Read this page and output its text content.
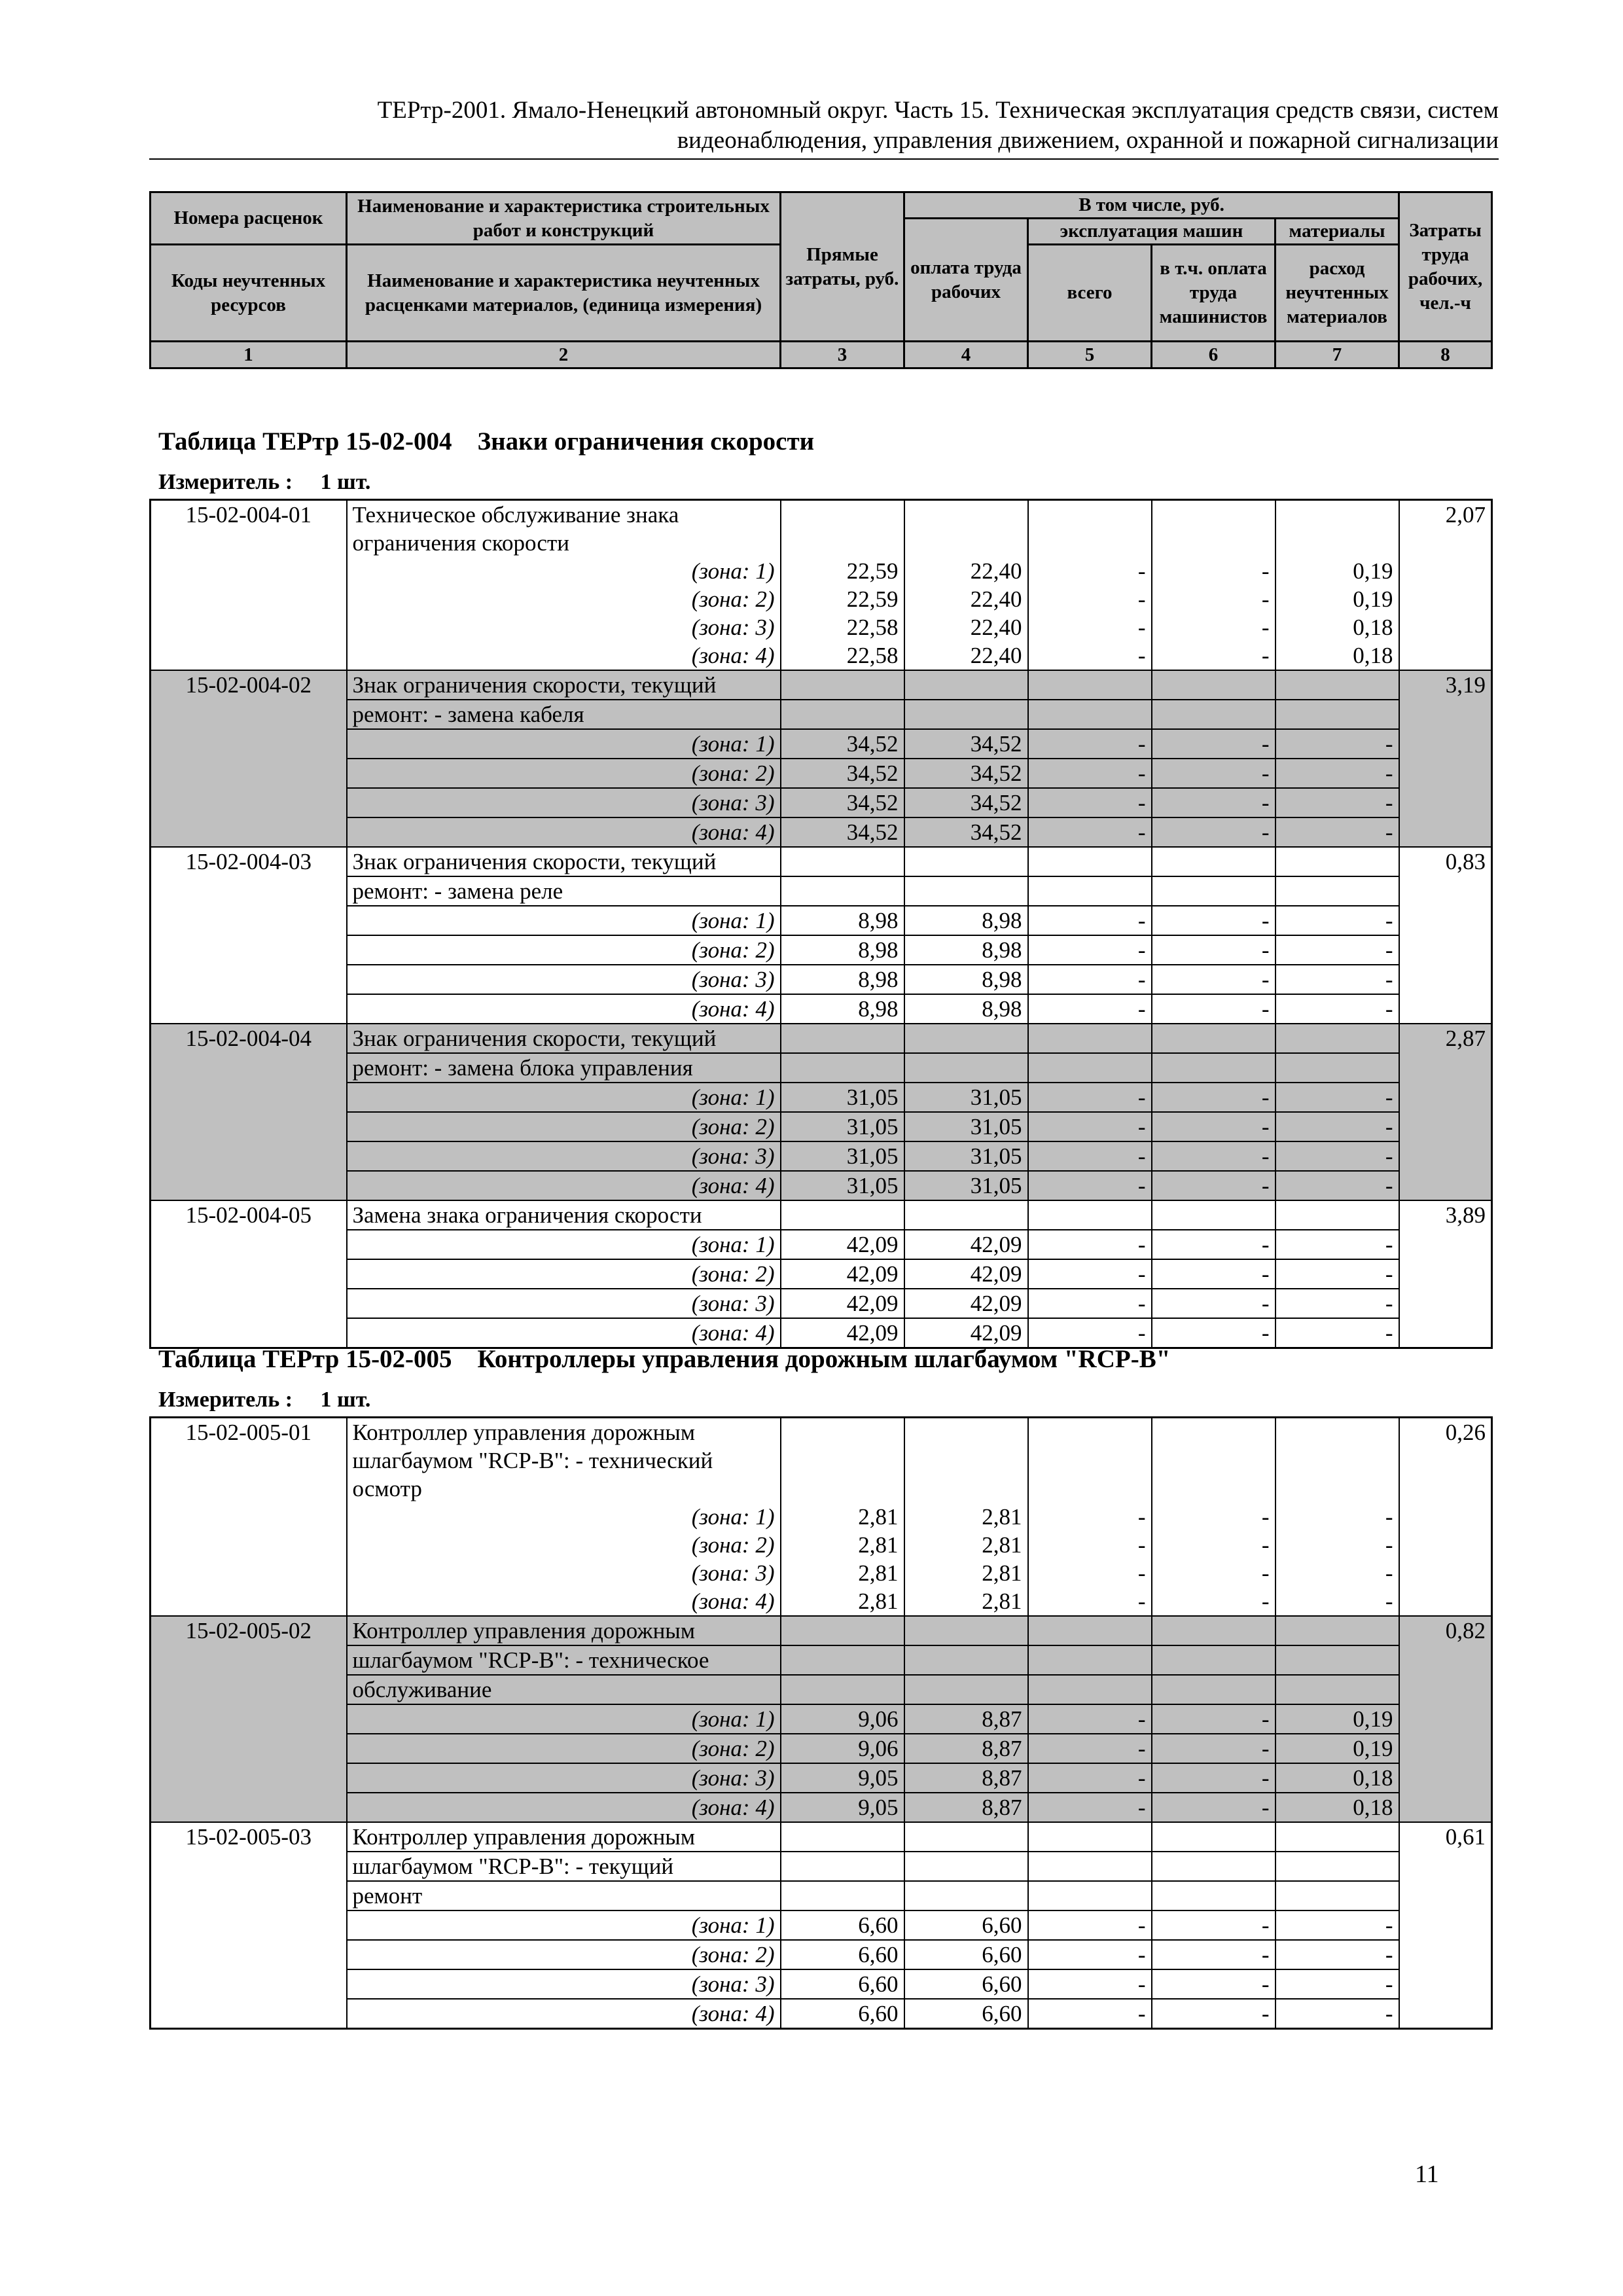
ТЕРтр-2001. Ямало-Ненецкий автономный округ. Часть 15. Техническая эксплуатация средств связи, систем
видеонаблюдения, управления движением, охранной и пожарной сигнализации
Номера расценок	Наименование и характеристика строительных работ и конструкций	Прямые затраты, руб.	В том числе, руб.				Затраты труда рабочих, чел.-ч
			оплата труда рабочих	эксплуатация машин		материалы	
Коды неучтенных ресурсов	Наименование и характеристика неучтенных расценками материалов, (единица измерения)			всего	в т.ч. оплата труда машинистов	расход неучтенных материалов	

1	2	3	4	5	6	7	8
Таблица ТЕРтр 15-02-004    Знаки ограничения скорости
Измеритель :     1 шт.
15-02-004-01	Техническое обслуживание знака						2,07
	ограничения скорости						
	(зона: 1)	22,59	22,40	-	-	0,19	
	(зона: 2)	22,59	22,40	-	-	0,19	
	(зона: 3)	22,58	22,40	-	-	0,18	
	(зона: 4)	22,58	22,40	-	-	0,18	
15-02-004-02	Знак ограничения скорости, текущий						3,19
	ремонт: - замена кабеля						
	(зона: 1)	34,52	34,52	-	-	-	
	(зона: 2)	34,52	34,52	-	-	-	
	(зона: 3)	34,52	34,52	-	-	-	
	(зона: 4)	34,52	34,52	-	-	-	
15-02-004-03	Знак ограничения скорости, текущий						0,83
	ремонт: - замена реле						
	(зона: 1)	8,98	8,98	-	-	-	
	(зона: 2)	8,98	8,98	-	-	-	
	(зона: 3)	8,98	8,98	-	-	-	
	(зона: 4)	8,98	8,98	-	-	-	
15-02-004-04	Знак ограничения скорости, текущий						2,87
	ремонт: - замена блока управления						
	(зона: 1)	31,05	31,05	-	-	-	
	(зона: 2)	31,05	31,05	-	-	-	
	(зона: 3)	31,05	31,05	-	-	-	
	(зона: 4)	31,05	31,05	-	-	-	
15-02-004-05	Замена знака ограничения скорости						3,89
	(зона: 1)	42,09	42,09	-	-	-	
	(зона: 2)	42,09	42,09	-	-	-	
	(зона: 3)	42,09	42,09	-	-	-	
	(зона: 4)	42,09	42,09	-	-	-	
Таблица ТЕРтр 15-02-005    Контроллеры управления дорожным шлагбаумом "RCP-B"
Измеритель :     1 шт.
15-02-005-01	Контроллер управления дорожным						0,26
	шлагбаумом "RCP-B": - технический						
	осмотр						
	(зона: 1)	2,81	2,81	-	-	-	
	(зона: 2)	2,81	2,81	-	-	-	
	(зона: 3)	2,81	2,81	-	-	-	
	(зона: 4)	2,81	2,81	-	-	-	
15-02-005-02	Контроллер управления дорожным						0,82
	шлагбаумом "RCP-B": - техническое						
	обслуживание						
	(зона: 1)	9,06	8,87	-	-	0,19	
	(зона: 2)	9,06	8,87	-	-	0,19	
	(зона: 3)	9,05	8,87	-	-	0,18	
	(зона: 4)	9,05	8,87	-	-	0,18	
15-02-005-03	Контроллер управления дорожным						0,61
	шлагбаумом "RCP-B": - текущий						
	ремонт						
	(зона: 1)	6,60	6,60	-	-	-	
	(зона: 2)	6,60	6,60	-	-	-	
	(зона: 3)	6,60	6,60	-	-	-	
	(зона: 4)	6,60	6,60	-	-	-	
11
